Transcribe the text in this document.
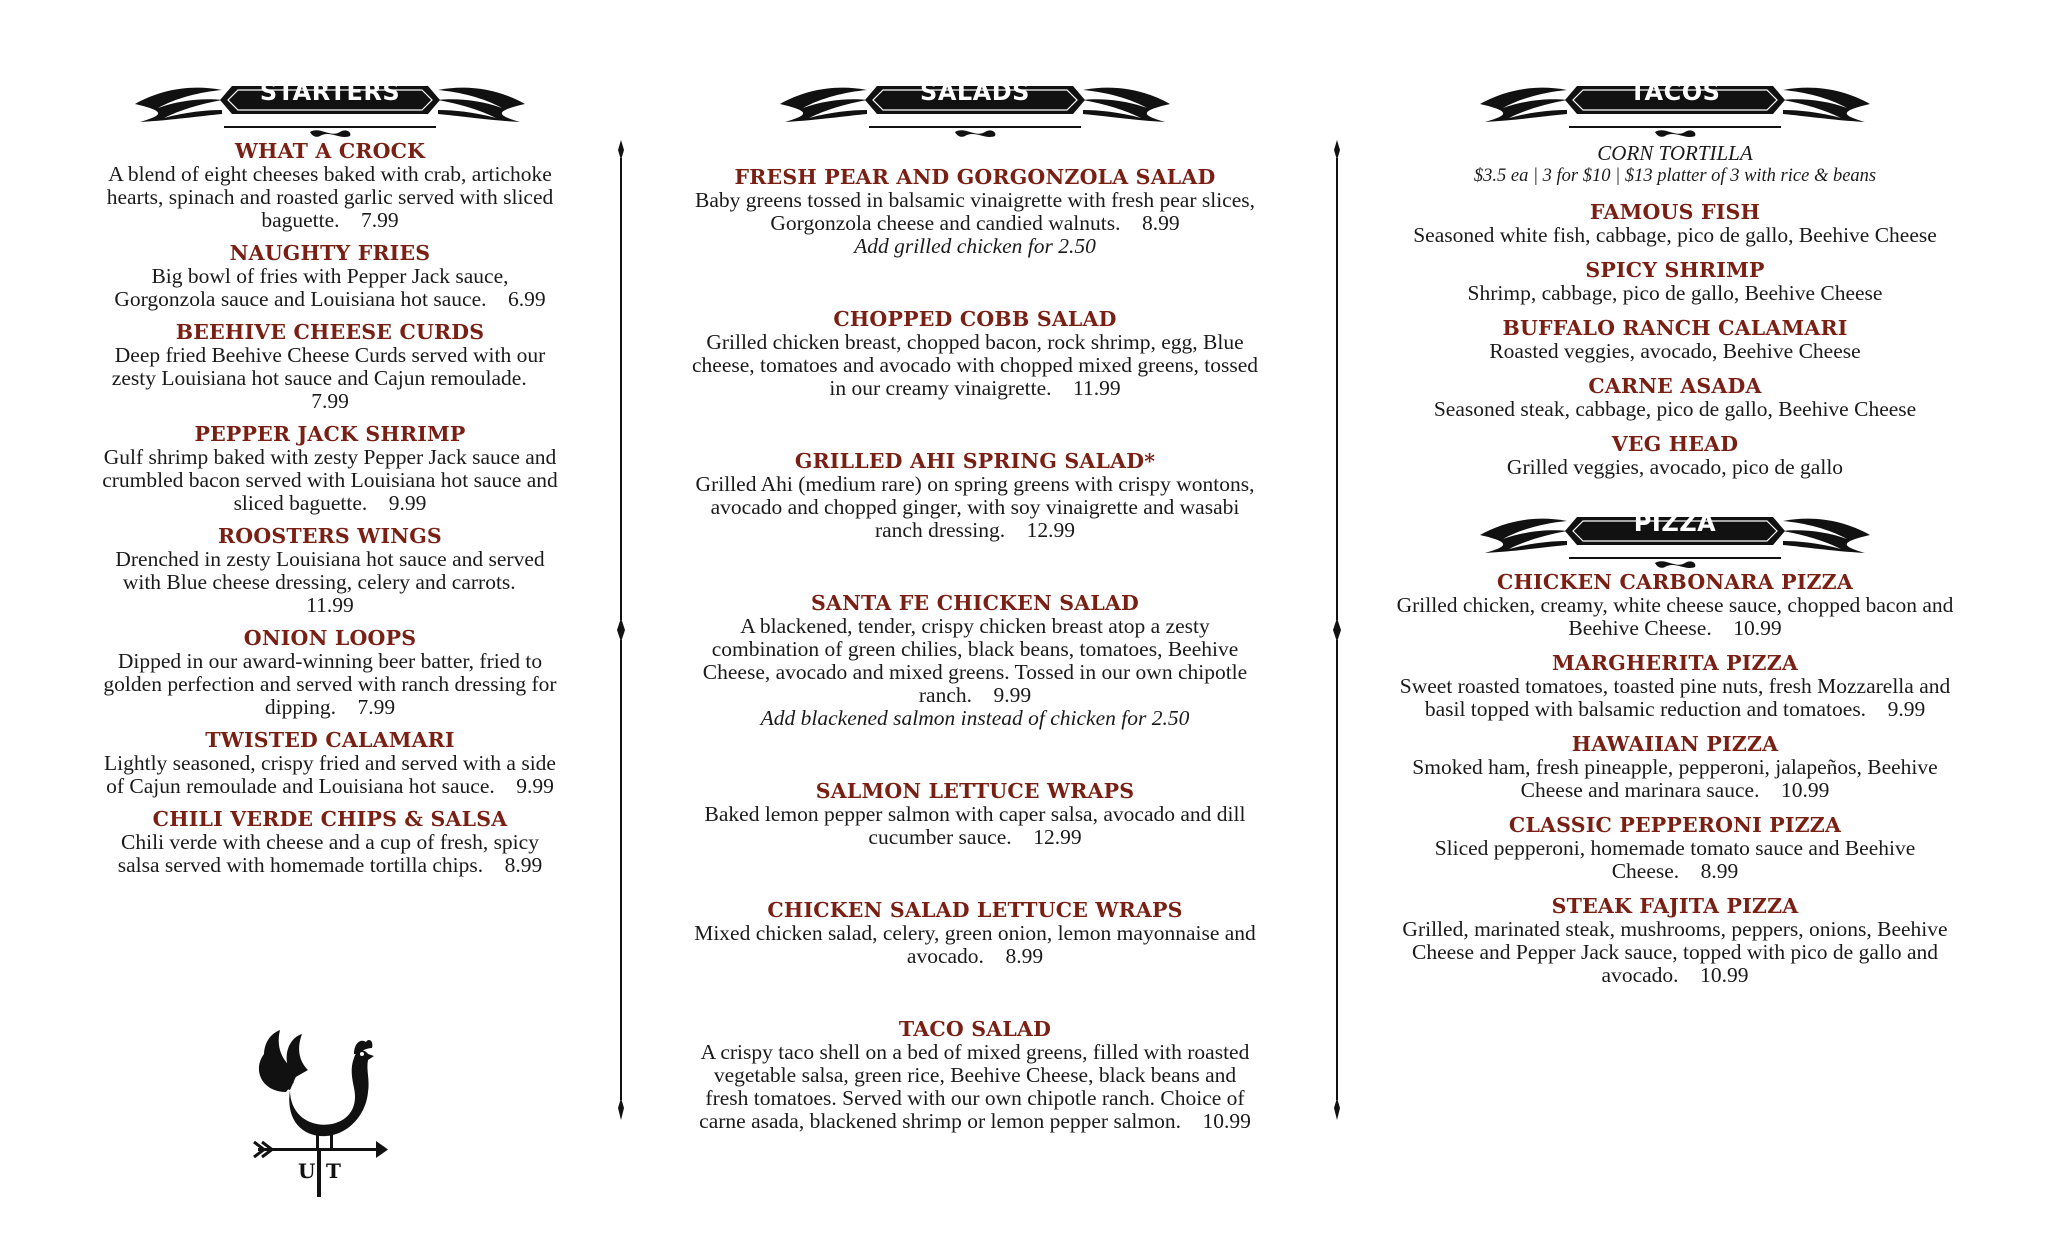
STARTERS
WHAT A CROCK
A blend of eight cheeses baked with crab, artichoke hearts, spinach and roasted garlic served with sliced baguette.  7.99
NAUGHTY FRIES
Big bowl of fries with Pepper Jack sauce, Gorgonzola sauce and Louisiana hot sauce.  6.99
BEEHIVE CHEESE CURDS
Deep fried Beehive Cheese Curds served with our zesty Louisiana hot sauce and Cajun remoulade. 7.99
PEPPER JACK SHRIMP
Gulf shrimp baked with zesty Pepper Jack sauce and crumbled bacon served with Louisiana hot sauce and sliced baguette.  9.99
ROOSTERS WINGS
Drenched in zesty Louisiana hot sauce and served with Blue cheese dressing, celery and carrots. 11.99
ONION LOOPS
Dipped in our award-winning beer batter, fried to golden perfection and served with ranch dressing for dipping.  7.99
TWISTED CALAMARI
Lightly seasoned, crispy fried and served with a side of Cajun remoulade and Louisiana hot sauce.  9.99
CHILI VERDE CHIPS & SALSA
Chili verde with cheese and a cup of fresh, spicy salsa served with homemade tortilla chips.  8.99
SALADS
FRESH PEAR AND GORGONZOLA SALAD
Baby greens tossed in balsamic vinaigrette with fresh pear slices, Gorgonzola cheese and candied walnuts.  8.99
Add grilled chicken for 2.50
CHOPPED COBB SALAD
Grilled chicken breast, chopped bacon, rock shrimp, egg, Blue cheese, tomatoes and avocado with chopped mixed greens, tossed in our creamy vinaigrette.  11.99
GRILLED AHI SPRING SALAD*
Grilled Ahi (medium rare) on spring greens with crispy wontons, avocado and chopped ginger, with soy vinaigrette and wasabi ranch dressing.  12.99
SANTA FE CHICKEN SALAD
A blackened, tender, crispy chicken breast atop a zesty combination of green chilies, black beans, tomatoes, Beehive Cheese, avocado and mixed greens. Tossed in our own chipotle ranch.  9.99
Add blackened salmon instead of chicken for 2.50
SALMON LETTUCE WRAPS
Baked lemon pepper salmon with caper salsa, avocado and dill cucumber sauce.  12.99
CHICKEN SALAD LETTUCE WRAPS
Mixed chicken salad, celery, green onion, lemon mayonnaise and avocado.  8.99
TACO SALAD
A crispy taco shell on a bed of mixed greens, filled with roasted vegetable salsa, green rice, Beehive Cheese, black beans and fresh tomatoes. Served with our own chipotle ranch. Choice of carne asada, blackened shrimp or lemon pepper salmon.  10.99
TACOS
CORN TORTILLA
$3.5 ea | 3 for $10 | $13 platter of 3 with rice & beans
FAMOUS FISH
Seasoned white fish, cabbage, pico de gallo, Beehive Cheese
SPICY SHRIMP
Shrimp, cabbage, pico de gallo, Beehive Cheese
BUFFALO RANCH CALAMARI
Roasted veggies, avocado, Beehive Cheese
CARNE ASADA
Seasoned steak, cabbage, pico de gallo, Beehive Cheese
VEG HEAD
Grilled veggies, avocado, pico de gallo
PIZZA
CHICKEN CARBONARA PIZZA
Grilled chicken, creamy, white cheese sauce, chopped bacon and Beehive Cheese.  10.99
MARGHERITA PIZZA
Sweet roasted tomatoes, toasted pine nuts, fresh Mozzarella and basil topped with balsamic reduction and tomatoes.  9.99
HAWAIIAN PIZZA
Smoked ham, fresh pineapple, pepperoni, jalapeños, Beehive Cheese and marinara sauce.  10.99
CLASSIC PEPPERONI PIZZA
Sliced pepperoni, homemade tomato sauce and Beehive Cheese.  8.99
STEAK FAJITA PIZZA
Grilled, marinated steak, mushrooms, peppers, onions, Beehive Cheese and Pepper Jack sauce, topped with pico de gallo and avocado.  10.99
U T
